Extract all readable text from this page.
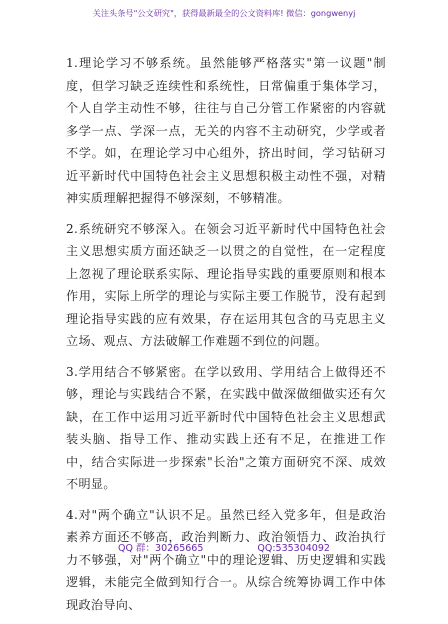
关注头条号"公文研究"，获得最新最全的公文资料库! 微信：gongwenyj

1.理论学习不够系统。虽然能够严格落实"第一议题"制度，但学习缺乏连续性和系统性，日常偏重于集体学习，个人自学主动性不够，往往与自己分管工作紧密的内容就多学一点、学深一点，无关的内容不主动研究，少学或者不学。如，在理论学习中心组外，挤出时间，学习钻研习近平新时代中国特色社会主义思想积极主动性不强，对精神实质理解把握得不够深刻，不够精准。

2.系统研究不够深入。在领会习近平新时代中国特色社会主义思想实质方面还缺乏一以贯之的自觉性，在一定程度上忽视了理论联系实际、理论指导实践的重要原则和根本作用，实际上所学的理论与实际主要工作脱节，没有起到理论指导实践的应有效果，存在运用其包含的马克思主义立场、观点、方法破解工作难题不到位的问题。

3.学用结合不够紧密。在学以致用、学用结合上做得还不够，理论与实践结合不紧，在实践中做深做细做实还有欠缺，在工作中运用习近平新时代中国特色社会主义思想武装头脑、指导工作、推动实践上还有不足，在推进工作中，结合实际进一步探索"长治"之策方面研究不深、成效不明显。

4.对"两个确立"认识不足。虽然已经入党多年，但是政治素养方面还不够高，政治判断力、政治领悟力、政治执行力不够强，对"两个确立"中的理论逻辑、历史逻辑和实践逻辑，未能完全做到知行合一。从综合统筹协调工作中体现政治导向、

QQ 群：30265665	QQ:535304092
